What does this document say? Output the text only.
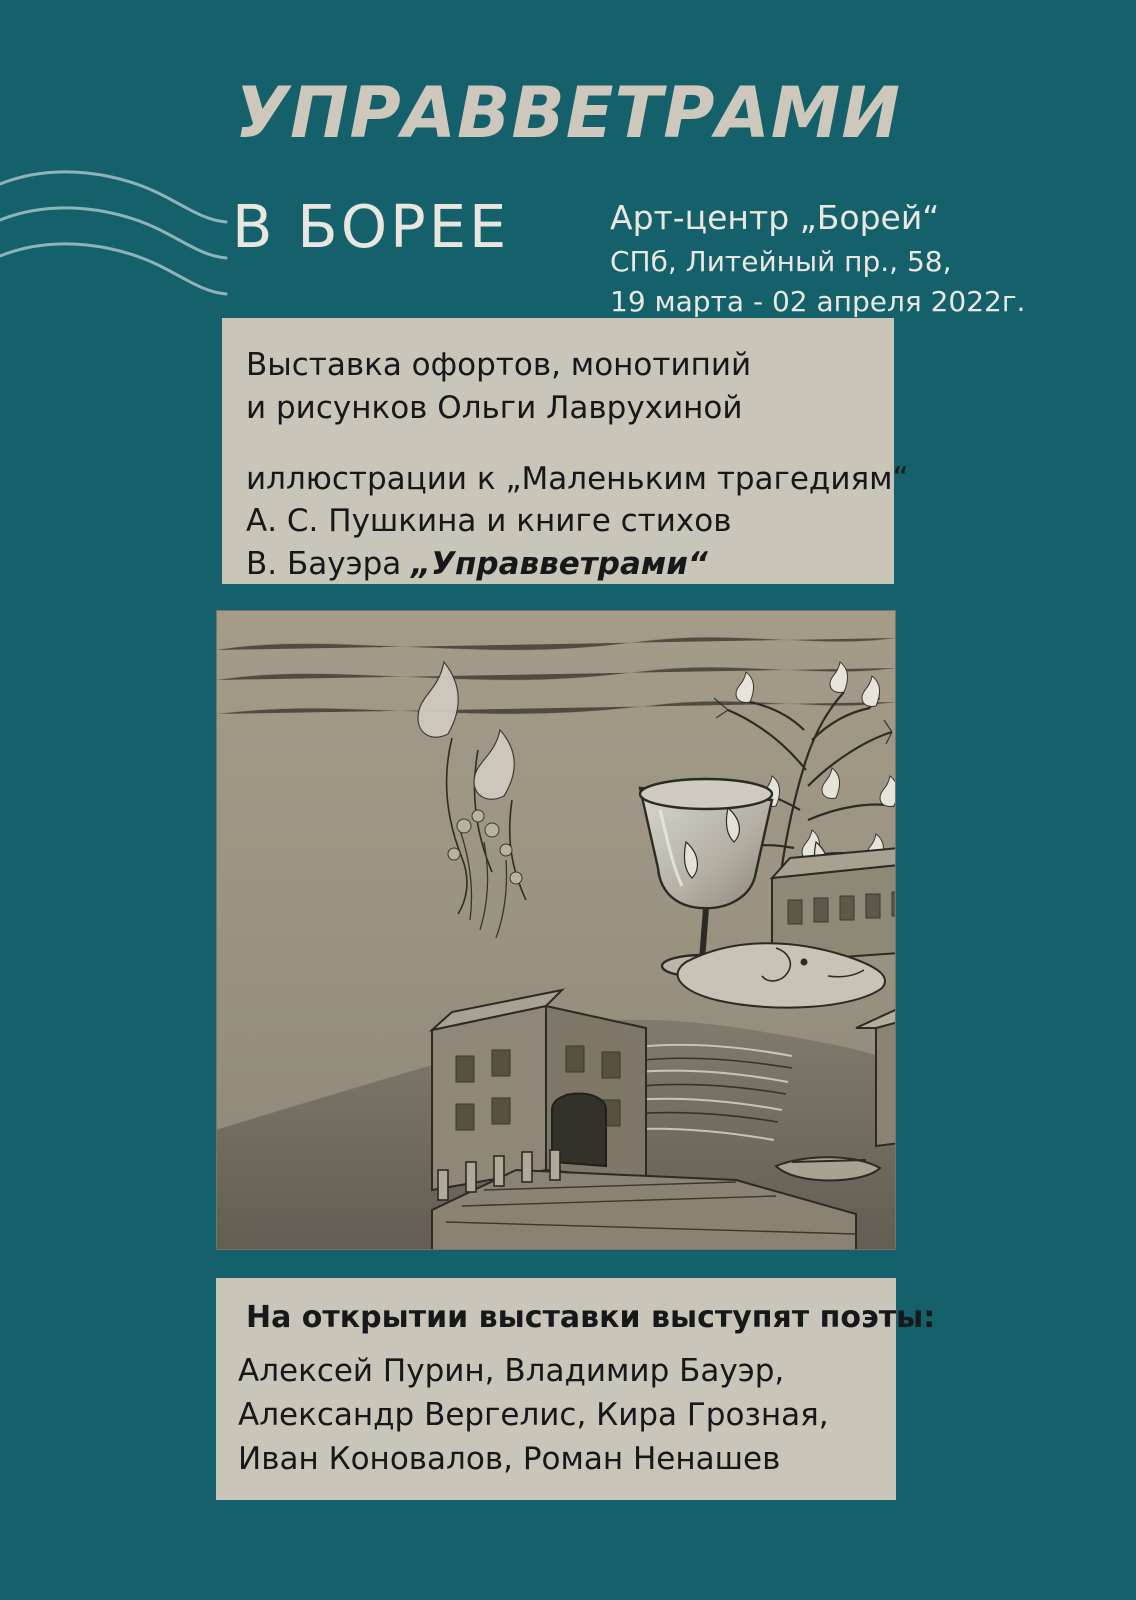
УПРАВВЕТРАМИ
В БОРЕЕ	Арт-центр „Борей“
СПб, Литейный пр., 58,
19 марта - 02 апреля 2022г.

Выставка офортов, монотипий

и рисунков Ольги Лаврухиной

иллюстрации к „Маленьким трагедиям“

А. С. Пушкина и книге стихов

В. Бауэра „Управветрами“

На открытии выставки выступят поэты:

Алексей Пурин, Владимир Бауэр,

Александр Вергелис, Кира Грозная,

Иван Коновалов, Роман Ненашев
